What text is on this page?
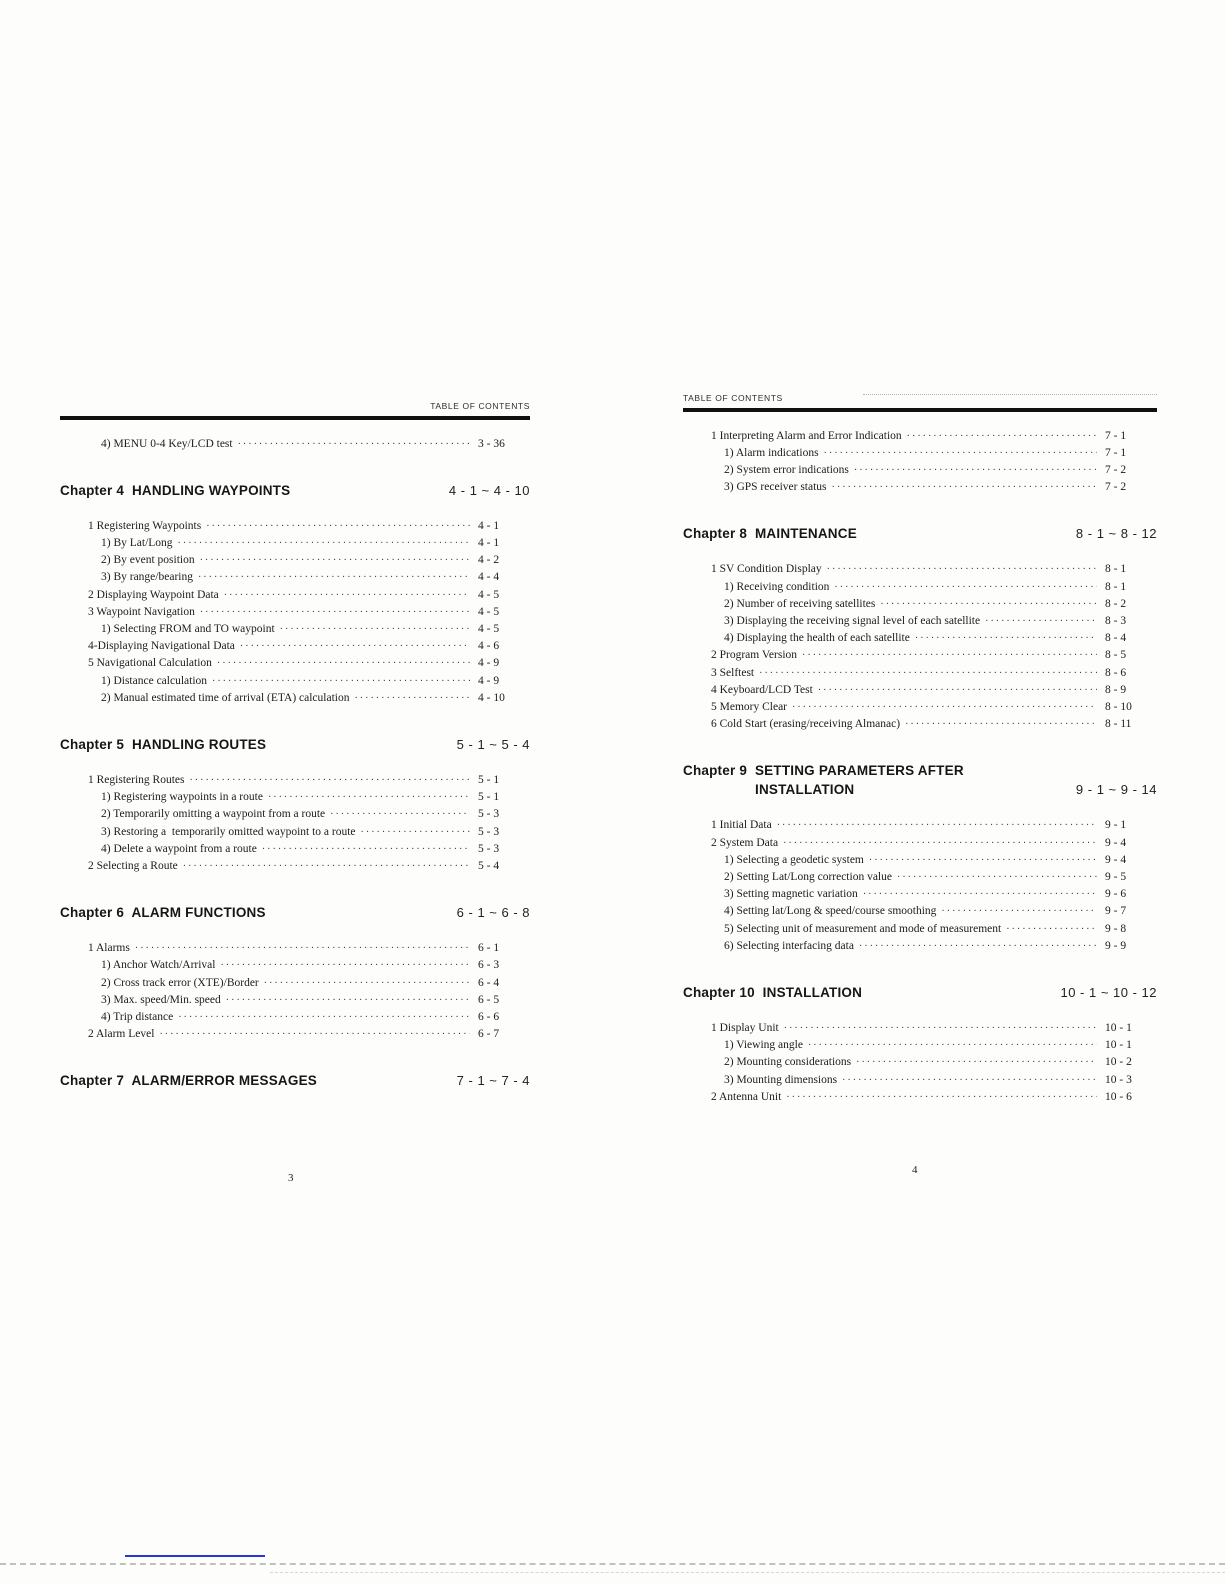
TABLE OF CONTENTS
4) MENU 0-4 Key/LCD test ·····	3 - 36
Chapter 4  HANDLING WAYPOINTS	4 - 1 ~ 4 - 10
1 Registering Waypoints ·····	4 - 1
1) By Lat/Long ·····	4 - 1
2) By event position ·····	4 - 2
3) By range/bearing ·····	4 - 4
2 Displaying Waypoint Data ·····	4 - 5
3 Waypoint Navigation ·····	4 - 5
1) Selecting FROM and TO waypoint ·····	4 - 5
4-Displaying Navigational Data ·····	4 - 6
5 Navigational Calculation ·····	4 - 9
1) Distance calculation ·····	4 - 9
2) Manual estimated time of arrival (ETA) calculation ·····	4 - 10
Chapter 5  HANDLING ROUTES	5 - 1 ~ 5 - 4
1 Registering Routes ·····	5 - 1
1) Registering waypoints in a route ·····	5 - 1
2) Temporarily omitting a waypoint from a route ·····	5 - 3
3) Restoring a  temporarily omitted waypoint to a route ·····	5 - 3
4) Delete a waypoint from a route ·····	5 - 3
2 Selecting a Route ·····	5 - 4
Chapter 6  ALARM FUNCTIONS	6 - 1 ~ 6 - 8
1 Alarms ·····	6 - 1
1) Anchor Watch/Arrival ·····	6 - 3
2) Cross track error (XTE)/Border ·····	6 - 4
3) Max. speed/Min. speed ·····	6 - 5
4) Trip distance ·····	6 - 6
2 Alarm Level ·····	6 - 7
Chapter 7  ALARM/ERROR MESSAGES	7 - 1 ~ 7 - 4
TABLE OF CONTENTS
1 Interpreting Alarm and Error Indication ·····	7 - 1
1) Alarm indications ·····	7 - 1
2) System error indications ·····	7 - 2
3) GPS receiver status ·····	7 - 2
Chapter 8  MAINTENANCE	8 - 1 ~ 8 - 12
1 SV Condition Display ·····	8 - 1
1) Receiving condition ·····	8 - 1
2) Number of receiving satellites ·····	8 - 2
3) Displaying the receiving signal level of each satellite ·····	8 - 3
4) Displaying the health of each satellite ·····	8 - 4
2 Program Version ·····	8 - 5
3 Selftest ·····	8 - 6
4 Keyboard/LCD Test ·····	8 - 9
5 Memory Clear ·····	8 - 10
6 Cold Start (erasing/receiving Almanac) ·····	8 - 11
Chapter 9  SETTING PARAMETERS AFTER
INSTALLATION	9 - 1 ~ 9 - 14
1 Initial Data ·····	9 - 1
2 System Data ·····	9 - 4
1) Selecting a geodetic system ·····	9 - 4
2) Setting Lat/Long correction value ·····	9 - 5
3) Setting magnetic variation ·····	9 - 6
4) Setting lat/Long & speed/course smoothing ·····	9 - 7
5) Selecting unit of measurement and mode of measurement ·····	9 - 8
6) Selecting interfacing data ·····	9 - 9
Chapter 10  INSTALLATION	10 - 1 ~ 10 - 12
1 Display Unit ·····	10 - 1
1) Viewing angle ·····	10 - 1
2) Mounting considerations ·····	10 - 2
3) Mounting dimensions ·····	10 - 3
2 Antenna Unit ·····	10 - 6
3
4
